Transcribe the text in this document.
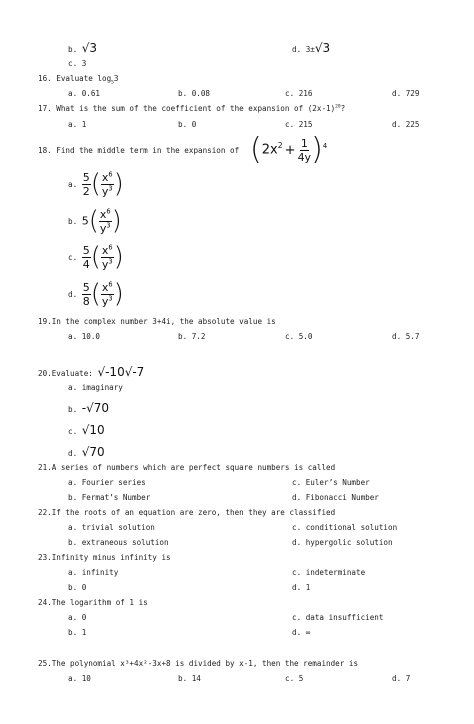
b. √3	d. 3±√3
c. 3
16. Evaluate $\log_53$
a. 0.61	b. 0.08	c. 216	d. 729
17. What is the sum of the coefficient of the expansion of $(2x-1)^{20}$?
a. 1	b. 0	c. 215	d. 225
18. Find the middle term in the expansion of $(2x^2 + \frac{1}{4y} )^4$
a. $\frac{5}{2}$ ( $\frac{x^6}{y^3}$ )
b. $5( \frac{x^6}{y^3}$ )
c. $\frac{5}{4}$ ( $\frac{x^6}{y^3}$ )
d. $\frac{5}{8}$ ( $\frac{x^6}{y^3}$ )
19.In the complex number 3+4i, the absolute value is
a. 10.0	b. 7.2	c. 5.0	d. 5.7
20.Evaluate: √-10√-7
a. imaginary
b. -√70
c. √10
d. √70
21.A series of numbers which are perfect square numbers is called
a. Fourier series	c. Euler’s Number
b. Fermat’s Number	d. Fibonacci Number
22.If the roots of an equation are zero, then they are classified
a. trivial solution	c. conditional solution
b. extraneous solution	d. hypergolic solution
23.Infinity minus infinity is
a. infinity	c. indeterminate
b. 0	d. 1
24.The logarithm of 1 is
a. 0	c. data insufficient
b. 1	d. ∞
25.The polynomial x³+4x²-3x+8 is divided by x-1, then the remainder is
a. 10	b. 14	c. 5	d. 7
